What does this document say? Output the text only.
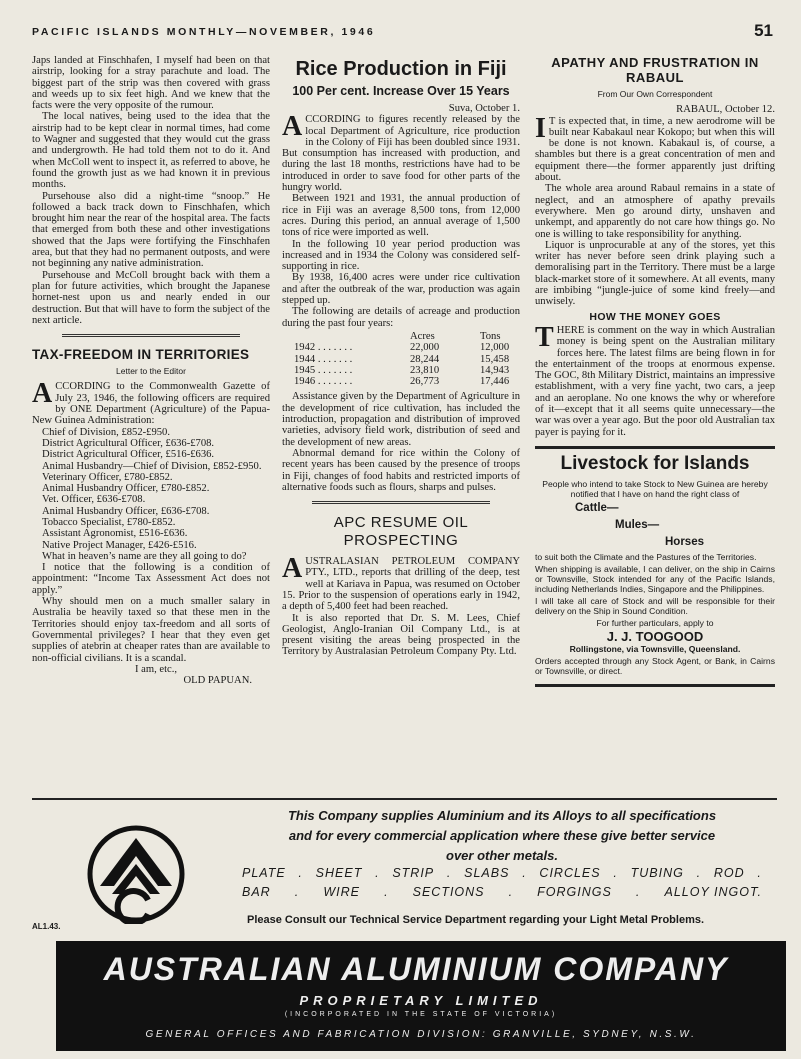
PACIFIC ISLANDS MONTHLY—NOVEMBER, 1946	51

Japs landed at Finschhafen, I myself had been on that airstrip, looking for a stray parachute and load. The biggest part of the strip was then covered with grass and weeds up to six feet high. And we knew that the facts were the very opposite of the rumour.

The local natives, being used to the idea that the airstrip had to be kept clear in normal times, had come to Wagner and suggested that they would cut the grass and undergrowth. He had told them not to do it. And when McColl went to inspect it, as referred to above, he found the growth just as we had known it in previous months.

Pursehouse also did a night-time “snoop.” He followed a back track down to Finschhafen, which brought him near the rear of the hospital area. The facts that emerged from both these and other investigations showed that the Japs were fortifying the Finschhafen area, but that they had no permanent outposts, and were not beginning any native administration.

Pursehouse and McColl brought back with them a plan for future activities, which brought the Japanese hornet-nest upon us and nearly ended in our destruction. But that will have to form the subject of the next article.

TAX-FREEDOM IN TERRITORIES
Letter to the Editor

ACCORDING to the Commonwealth Gazette of July 23, 1946, the following officers are required by ONE Department (Agriculture) of the Papua-New Guinea Administration:

Chief of Division, £852-£950.

District Agricultural Officer, £636-£708.

District Agricultural Officer, £516-£636.

Animal Husbandry—Chief of Division, £852-£950.

Veterinary Officer, £780-£852.

Animal Husbandry Officer, £780-£852.

Vet. Officer, £636-£708.

Animal Husbandry Officer, £636-£708.

Tobacco Specialist, £780-£852.

Assistant Agronomist, £516-£636.

Native Project Manager, £426-£516.

What in heaven’s name are they all going to do?

I notice that the following is a condition of appointment: “Income Tax Assessment Act does not apply.”

Why should men on a much smaller salary in Australia be heavily taxed so that these men in the Territories should enjoy tax-freedom and all sorts of Governmental privileges? I hear that they even get supplies of atebrin at cheaper rates than are available to non-official civilians. It is a scandal.

I am, etc.,

OLD PAPUAN.

Rice Production in Fiji
100 Per cent. Increase Over 15 Years

Suva, October 1.

ACCORDING to figures recently released by the local Department of Agriculture, rice production in the Colony of Fiji has been doubled since 1931. But consumption has increased with production, and during the last 18 months, restrictions have had to be introduced in order to save food for other parts of the hungry world.

Between 1921 and 1931, the annual production of rice in Fiji was an average 8,500 tons, from 12,000 acres. During this period, an annual average of 1,500 tons of rice were imported as well.

In the following 10 year period production was increased and in 1934 the Colony was considered self-supporting in rice.

By 1938, 16,400 acres were under rice cultivation and after the outbreak of the war, production was again stepped up.

The following are details of acreage and production during the past four years:

	Acres	Tons
1942 . . . . . . .	22,000	12,000
1944 . . . . . . .	28,244	15,458
1945 . . . . . . .	23,810	14,943
1946 . . . . . . .	26,773	17,446

Assistance given by the Department of Agriculture in the development of rice cultivation, has included the introduction, propagation and distribution of improved varieties, advisory field work, distribution of seed and the development of new areas.

Abnormal demand for rice within the Colony of recent years has been caused by the presence of troops in Fiji, changes of food habits and restricted imports of alternative foods such as flours, sharps and pulses.

APC RESUME OIL PROSPECTING

AUSTRALASIAN PETROLEUM COMPANY PTY., LTD., reports that drilling of the deep, test well at Kariava in Papua, was resumed on October 15. Prior to the suspension of operations early in 1942, a depth of 5,400 feet had been reached.

It is also reported that Dr. S. M. Lees, Chief Geologist, Anglo-Iranian Oil Company Ltd., is at present visiting the areas being prospected in the Territory by Australasian Petroleum Company Pty. Ltd.

APATHY AND FRUSTRATION IN RABAUL
From Our Own Correspondent

RABAUL, October 12.

I T is expected that, in time, a new aerodrome will be built near Kabakaul near Kokopo; but when this will be done is not known. Kabakaul is, of course, a shambles but there is a great concentration of men and equipment there—the former apparently just drifting about.

The whole area around Rabaul remains in a state of neglect, and an atmosphere of apathy prevails everywhere. Men go around dirty, unshaven and unkempt, and apparently do not care how things go. No one is willing to take responsibility for anything.

Liquor is unprocurable at any of the stores, yet this writer has never before seen drink playing such a demoralising part in the Territory. There must be a large black-market store of it somewhere. At all events, many are imbibing “jungle-juice of some kind freely—and unwisely.

HOW THE MONEY GOES

THERE is comment on the way in which Australian money is being spent on the Australian military forces here. The latest films are being flown in for the entertainment of the troops at enormous expense. The GOC, 8th Military District, maintains an impressive establishment, with a very fine yacht, two cars, a jeep and an aeroplane. No one knows the why or wherefore of it—except that it all seems quite unnecessary—the war was over a year ago. But the poor old Australian tax payer is paying for it.

Livestock for Islands

People who intend to take Stock to New Guinea are hereby notified that I have on hand the right class of

Cattle—

Mules—

Horses

to suit both the Climate and the Pastures of the Territories.

When shipping is available, I can deliver, on the ship in Cairns or Townsville, Stock intended for any of the Pacific Islands, including Netherlands Indies, Singapore and the Philippines.

I will take all care of Stock and will be responsible for their delivery on the Ship in Sound Condition.

For further particulars, apply to

J. J. TOOGOOD

Rollingstone, via Townsville, Queensland.

Orders accepted through any Stock Agent, or Bank, in Cairns or Townsville, or direct.

This Company supplies Aluminium and its Alloys to all specifications
and for every commercial application where these give better service
over other metals.
PLATE . SHEET . STRIP . SLABS . CIRCLES . TUBING . ROD .
BAR . WIRE . SECTIONS . FORGINGS . ALLOY INGOT.
Please Consult our Technical Service Department regarding your Light Metal Problems.
AL1.43.
AUSTRALIAN ALUMINIUM COMPANY
PROPRIETARY LIMITED
(INCORPORATED IN THE STATE OF VICTORIA)
GENERAL OFFICES AND FABRICATION DIVISION: GRANVILLE, SYDNEY, N.S.W.
